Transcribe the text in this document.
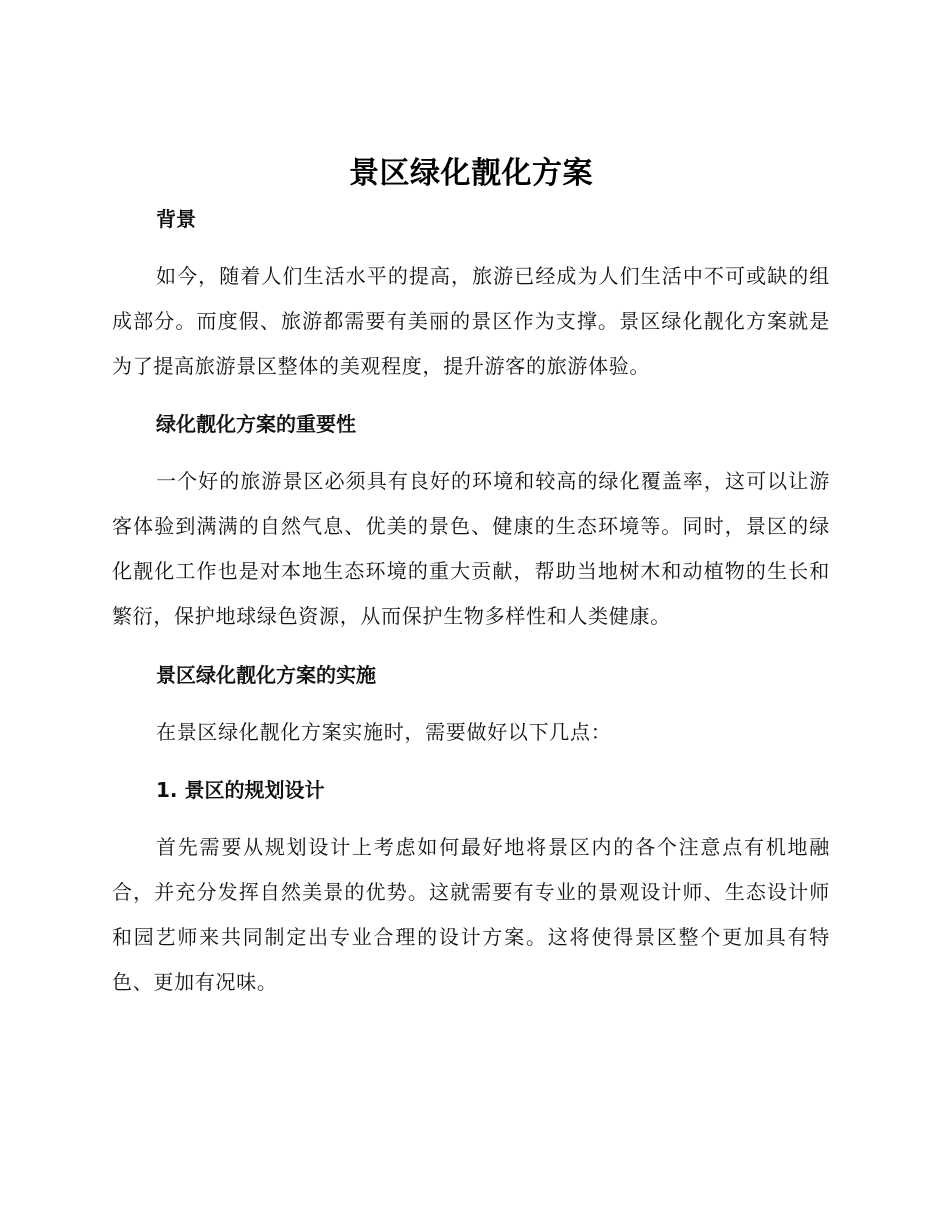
景区绿化靓化方案
背景

如今，随着人们生活水平的提高，旅游已经成为人们生活中不可或缺的组成部分。而度假、旅游都需要有美丽的景区作为支撑。景区绿化靓化方案就是为了提高旅游景区整体的美观程度，提升游客的旅游体验。

绿化靓化方案的重要性

一个好的旅游景区必须具有良好的环境和较高的绿化覆盖率，这可以让游客体验到满满的自然气息、优美的景色、健康的生态环境等。同时，景区的绿化靓化工作也是对本地生态环境的重大贡献，帮助当地树木和动植物的生长和繁衍，保护地球绿色资源，从而保护生物多样性和人类健康。

景区绿化靓化方案的实施

在景区绿化靓化方案实施时，需要做好以下几点：

1. 景区的规划设计

首先需要从规划设计上考虑如何最好地将景区内的各个注意点有机地融合，并充分发挥自然美景的优势。这就需要有专业的景观设计师、生态设计师和园艺师来共同制定出专业合理的设计方案。这将使得景区整个更加具有特色、更加有况味。
